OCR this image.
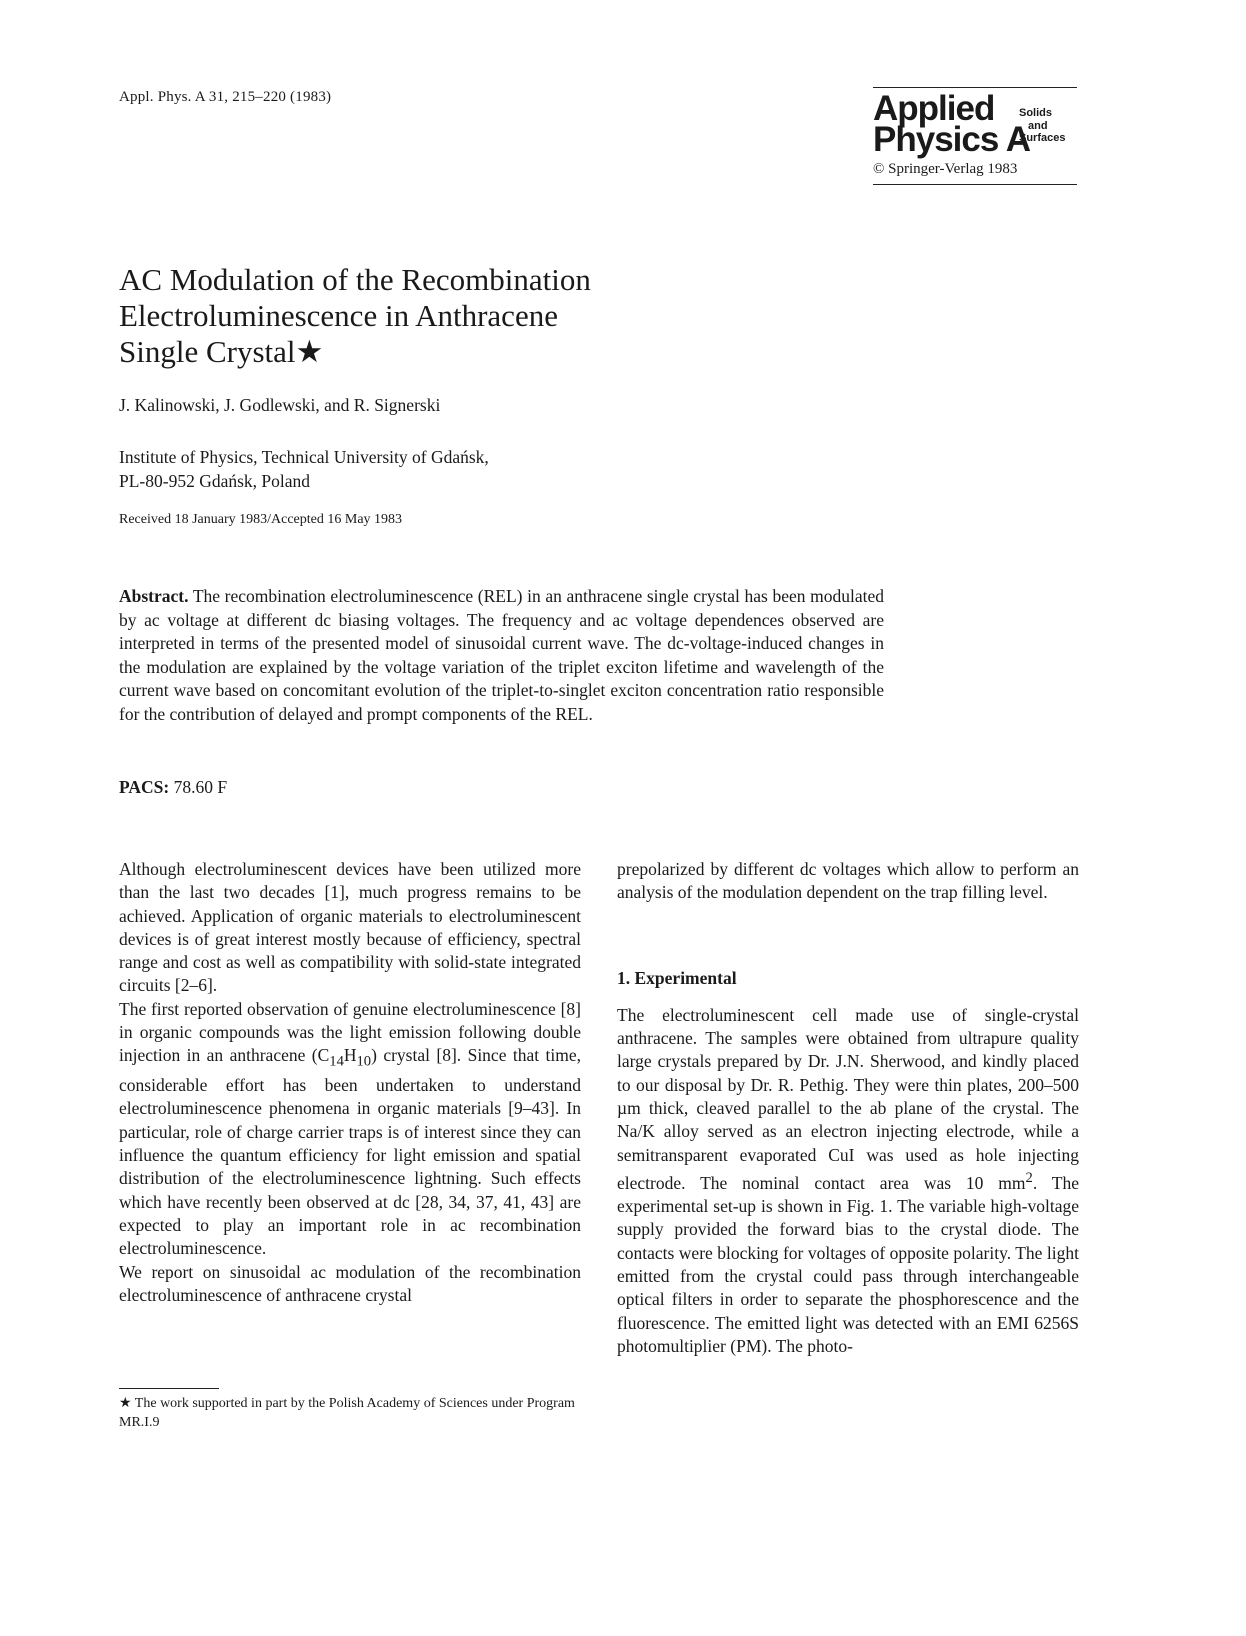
Appl. Phys. A 31, 215–220 (1983)	Applied
Physics A
Solids
and
Surfaces
© Springer-Verlag 1983
AC Modulation of the Recombination
Electroluminescence in Anthracene
Single Crystal★
J. Kalinowski, J. Godlewski, and R. Signerski
Institute of Physics, Technical University of Gdańsk,
PL-80-952 Gdańsk, Poland
Received 18 January 1983/Accepted 16 May 1983
Abstract. The recombination electroluminescence (REL) in an anthracene single crystal has been modulated by ac voltage at different dc biasing voltages. The frequency and ac voltage dependences observed are interpreted in terms of the presented model of sinusoidal current wave. The dc-voltage-induced changes in the modulation are explained by the voltage variation of the triplet exciton lifetime and wavelength of the current wave based on concomitant evolution of the triplet-to-singlet exciton concentration ratio responsible for the contribution of delayed and prompt components of the REL.
PACS: 78.60 F

Although electroluminescent devices have been utilized more than the last two decades [1], much progress remains to be achieved. Application of organic materials to electroluminescent devices is of great interest mostly because of efficiency, spectral range and cost as well as compatibility with solid-state integrated circuits [2–6].

The first reported observation of genuine electroluminescence [8] in organic compounds was the light emission following double injection in an anthracene $(C_{14}H_{10})$ crystal [8]. Since that time, considerable effort has been undertaken to understand electroluminescence phenomena in organic materials [9–43]. In particular, role of charge carrier traps is of interest since they can influence the quantum efficiency for light emission and spatial distribution of the electroluminescence lightning. Such effects which have recently been observed at dc [28, 34, 37, 41, 43] are expected to play an important role in ac recombination electroluminescence.

We report on sinusoidal ac modulation of the recombination electroluminescence of anthracene crystal

prepolarized by different dc voltages which allow to perform an analysis of the modulation dependent on the trap filling level.

1. Experimental

The electroluminescent cell made use of single-crystal anthracene. The samples were obtained from ultrapure quality large crystals prepared by Dr. J.N. Sherwood, and kindly placed to our disposal by Dr. R. Pethig. They were thin plates, 200–500 µm thick, cleaved parallel to the ab plane of the crystal. The Na/K alloy served as an electron injecting electrode, while a semitransparent evaporated CuI was used as hole injecting electrode. The nominal contact area was 10 $mm^2$. The experimental set-up is shown in Fig. 1. The variable high-voltage supply provided the forward bias to the crystal diode. The contacts were blocking for voltages of opposite polarity. The light emitted from the crystal could pass through interchangeable optical filters in order to separate the phosphorescence and the fluorescence. The emitted light was detected with an EMI 6256S photomultiplier (PM). The photo-

★ The work supported in part by the Polish Academy of Sciences under Program MR.I.9
